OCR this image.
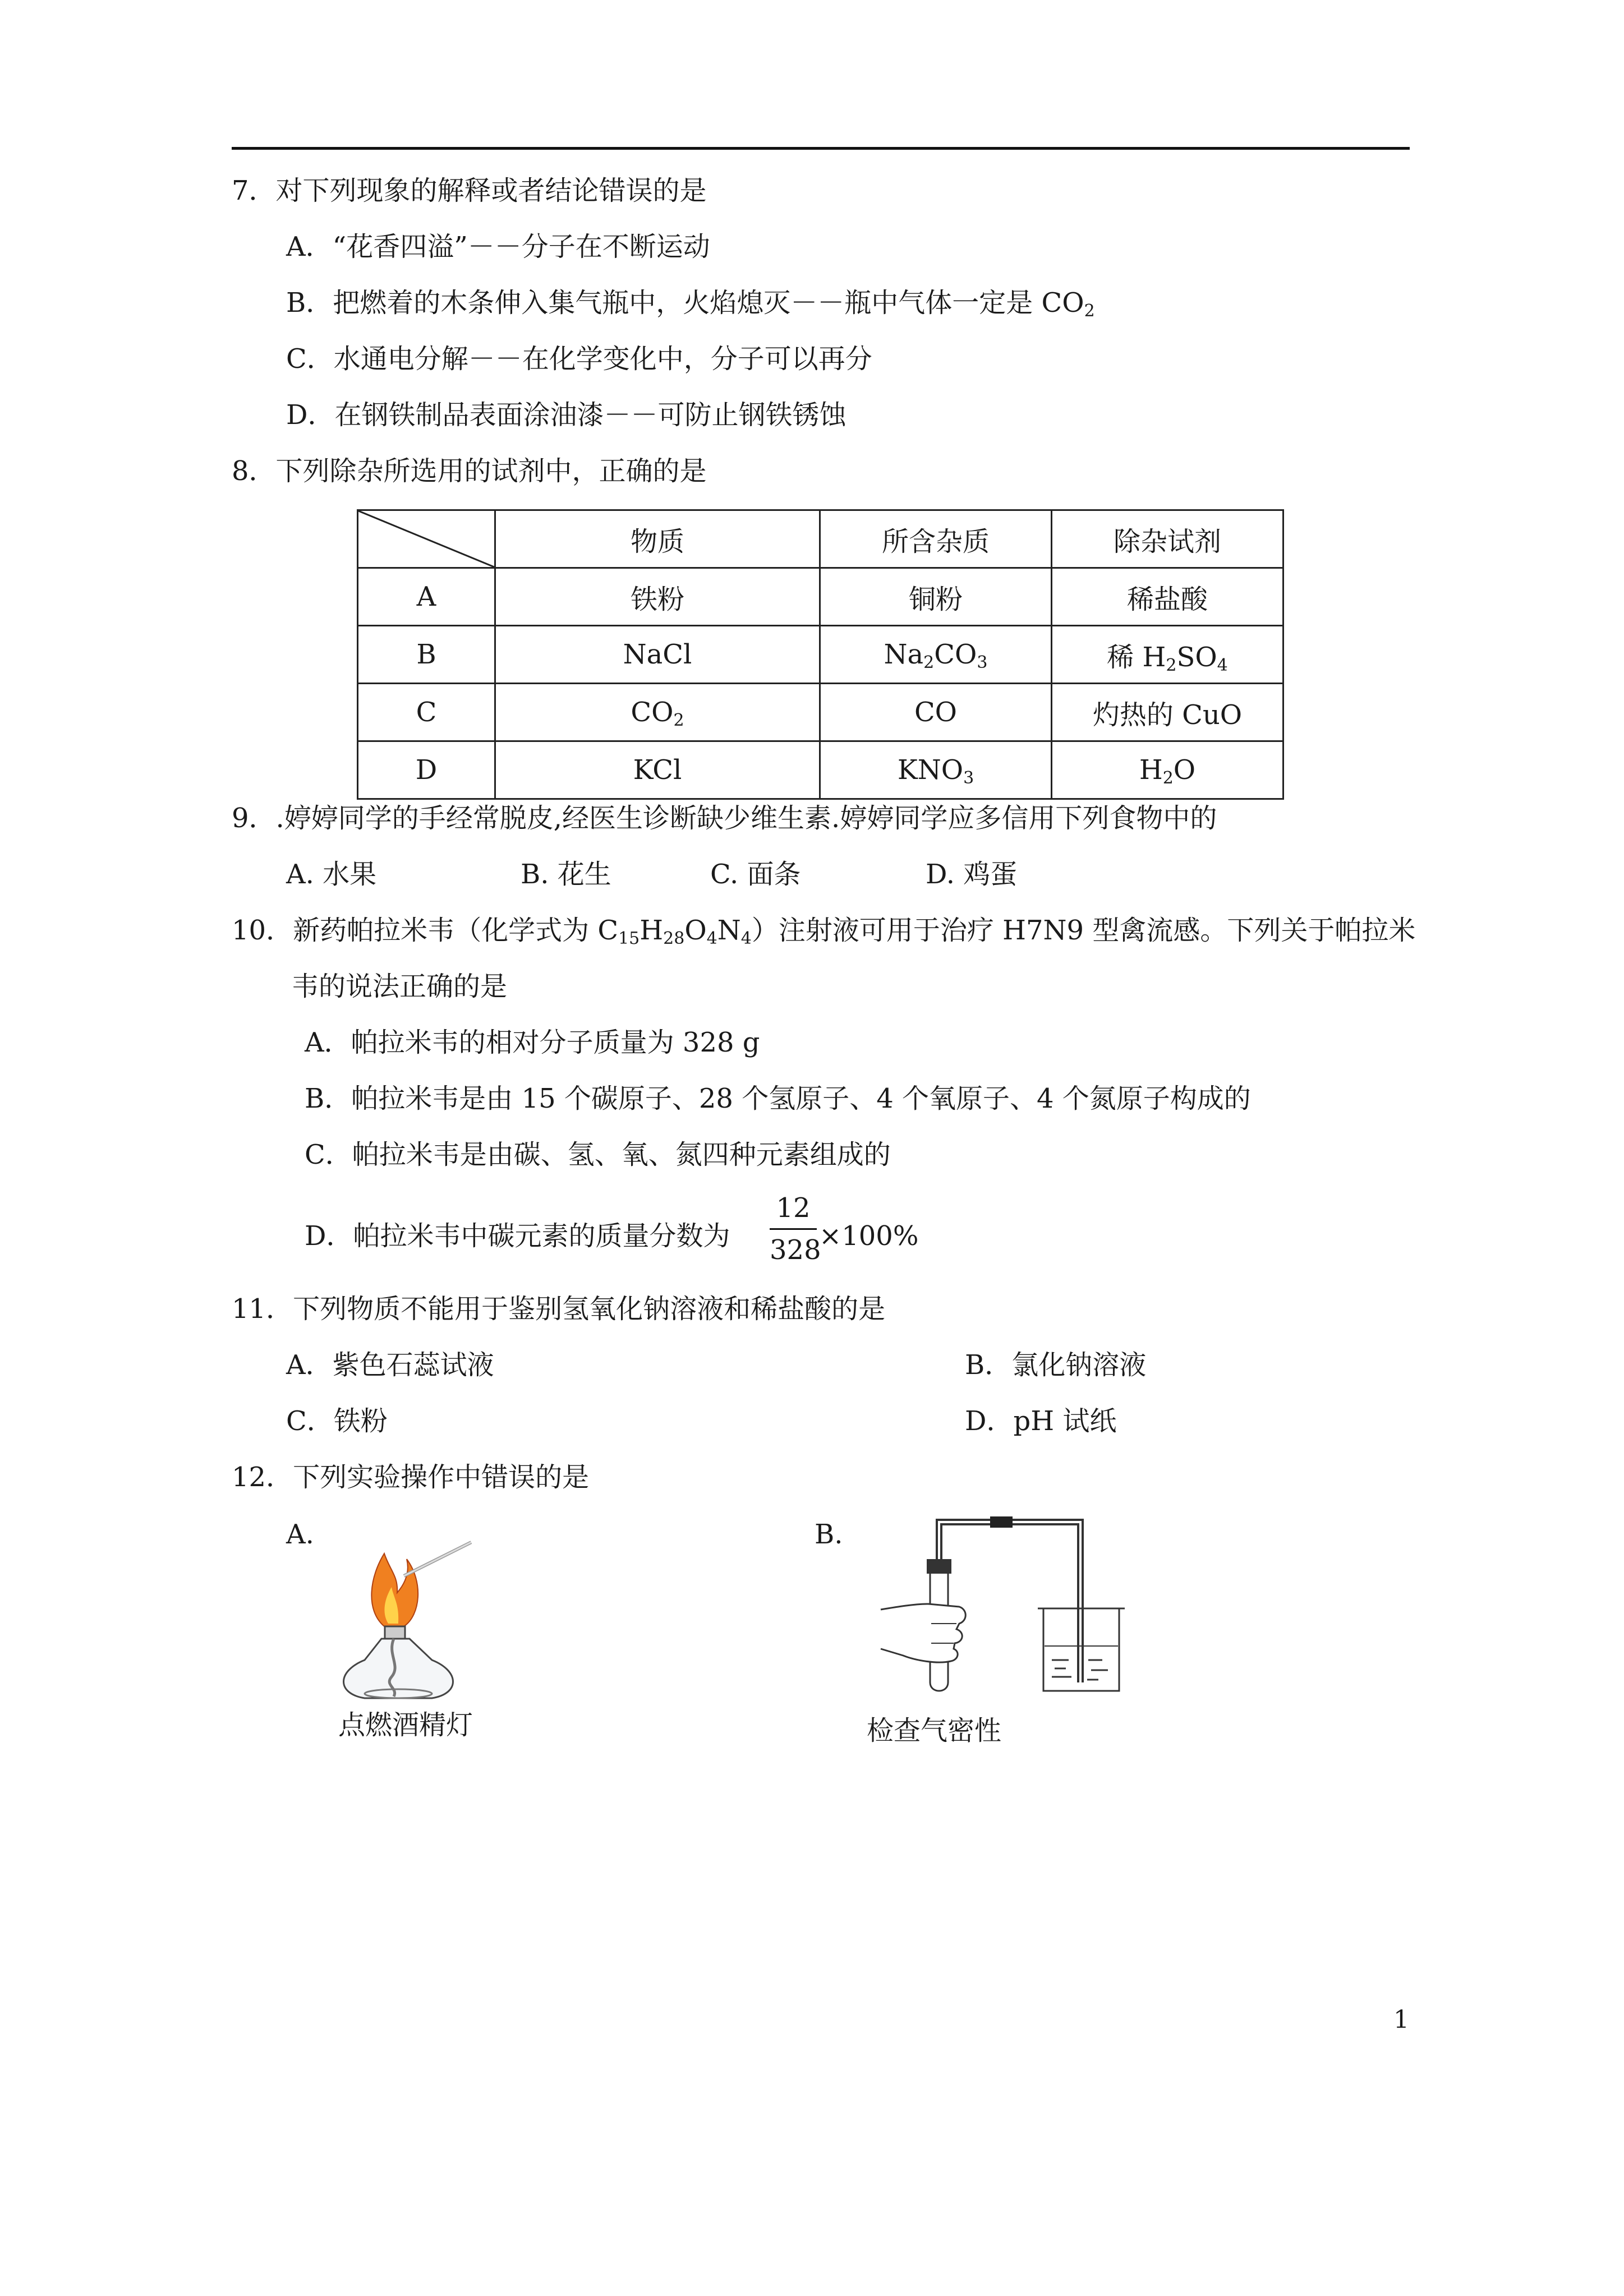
7．对下列现象的解释或者结论错误的是
A．“花香四溢”－－分子在不断运动
B．把燃着的木条伸入集气瓶中，火焰熄灭－－瓶中气体一定是 $CO_2$
C．水通电分解－－在化学变化中，分子可以再分
D．在钢铁制品表面涂油漆－－可防止钢铁锈蚀
8．下列除杂所选用的试剂中，正确的是
	物质	所含杂质	除杂试剂
A	铁粉	铜粉	稀盐酸
B	NaCl	$Na_2CO_3$	稀 $H_2SO_4$
C	$CO_2$	CO	灼热的 CuO
D	KCl	$KNO_3$	$H_2O$
9．.婷婷同学的手经常脱皮,经医生诊断缺少维生素.婷婷同学应多信用下列食物中的
A. 水果	B. 花生	C. 面条	D. 鸡蛋
10．新药帕拉米韦（化学式为 $C_{15}H_{28}O_4N_4$）注射液可用于治疗 H7N9 型禽流感。下列关于帕拉米
韦的说法正确的是
A．帕拉米韦的相对分子质量为 328 g
B．帕拉米韦是由 15 个碳原子、28 个氢原子、4 个氧原子、4 个氮原子构成的
C．帕拉米韦是由碳、氢、氧、氮四种元素组成的
D．帕拉米韦中碳元素的质量分数为
12
328
×100%
11．下列物质不能用于鉴别氢氧化钠溶液和稀盐酸的是
A．紫色石蕊试液	B．氯化钠溶液
C．铁粉	D．pH 试纸
12．下列实验操作中错误的是
A.	B.
点燃酒精灯	检查气密性
1
